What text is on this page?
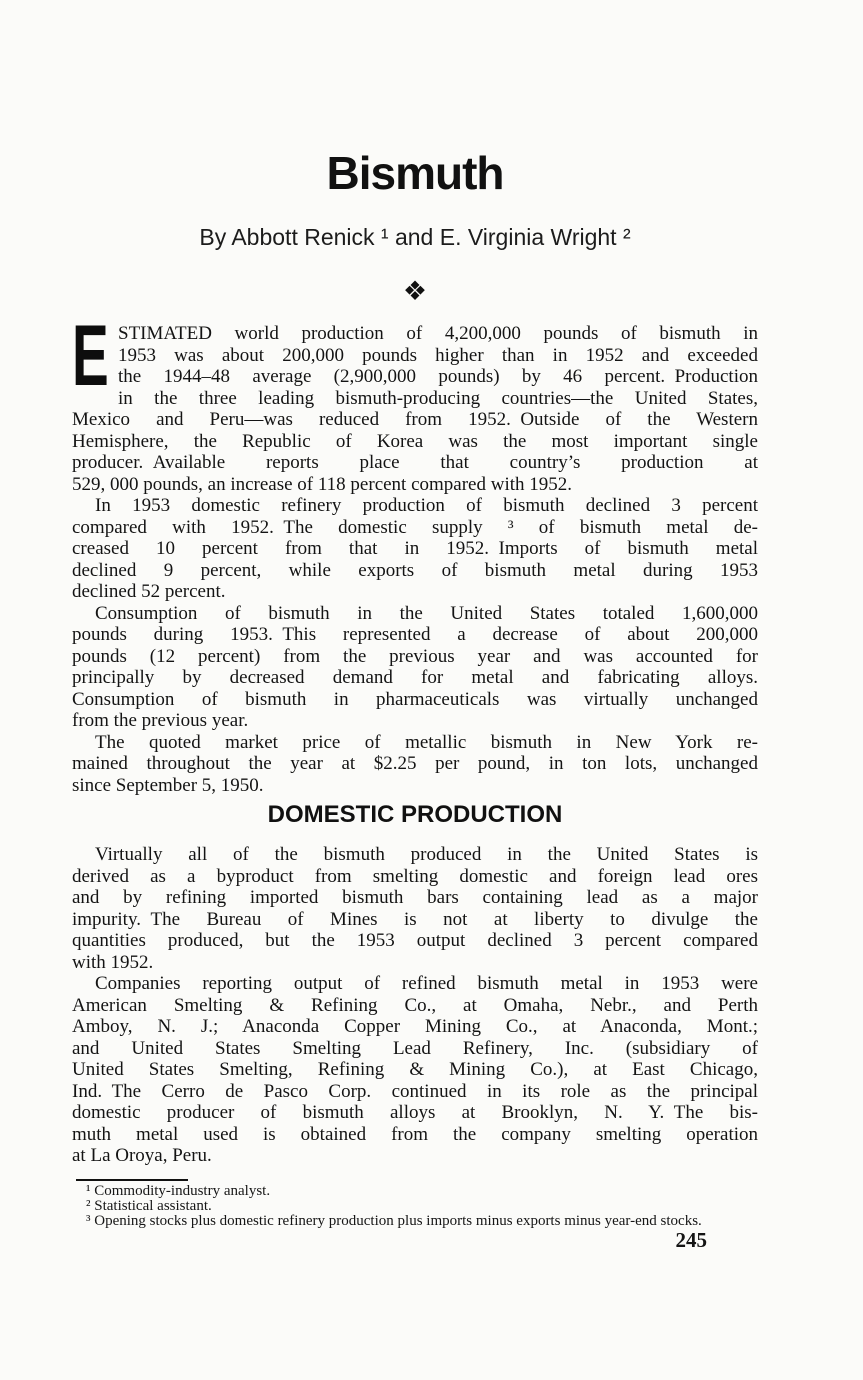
Bismuth
By Abbott Renick ¹ and E. Virginia Wright ²
❖
E STIMATED world production of 4,200,000 pounds of bismuth in
1953 was about 200,000 pounds higher than in 1952 and exceeded
the 1944–48 average (2,900,000 pounds) by 46 percent. Production
in the three leading bismuth-producing countries—the United States,
Mexico and Peru—was reduced from 1952. Outside of the Western
Hemisphere, the Republic of Korea was the most important single
producer. Available reports place that country’s production at
529, 000 pounds, an increase of 118 percent compared with 1952.
In 1953 domestic refinery production of bismuth declined 3 percent
compared with 1952. The domestic supply ³ of bismuth metal de-
creased 10 percent from that in 1952. Imports of bismuth metal
declined 9 percent, while exports of bismuth metal during 1953
declined 52 percent.
Consumption of bismuth in the United States totaled 1,600,000
pounds during 1953. This represented a decrease of about 200,000
pounds (12 percent) from the previous year and was accounted for
principally by decreased demand for metal and fabricating alloys.
Consumption of bismuth in pharmaceuticals was virtually unchanged
from the previous year.
The quoted market price of metallic bismuth in New York re-
mained throughout the year at $2.25 per pound, in ton lots, unchanged
since September 5, 1950.
DOMESTIC PRODUCTION
Virtually all of the bismuth produced in the United States is
derived as a byproduct from smelting domestic and foreign lead ores
and by refining imported bismuth bars containing lead as a major
impurity. The Bureau of Mines is not at liberty to divulge the
quantities produced, but the 1953 output declined 3 percent compared
with 1952.
Companies reporting output of refined bismuth metal in 1953 were
American Smelting & Refining Co., at Omaha, Nebr., and Perth
Amboy, N. J.; Anaconda Copper Mining Co., at Anaconda, Mont.;
and United States Smelting Lead Refinery, Inc. (subsidiary of
United States Smelting, Refining & Mining Co.), at East Chicago,
Ind. The Cerro de Pasco Corp. continued in its role as the principal
domestic producer of bismuth alloys at Brooklyn, N. Y. The bis-
muth metal used is obtained from the company smelting operation
at La Oroya, Peru.
¹ Commodity-industry analyst.
² Statistical assistant.
³ Opening stocks plus domestic refinery production plus imports minus exports minus year-end stocks.
245
